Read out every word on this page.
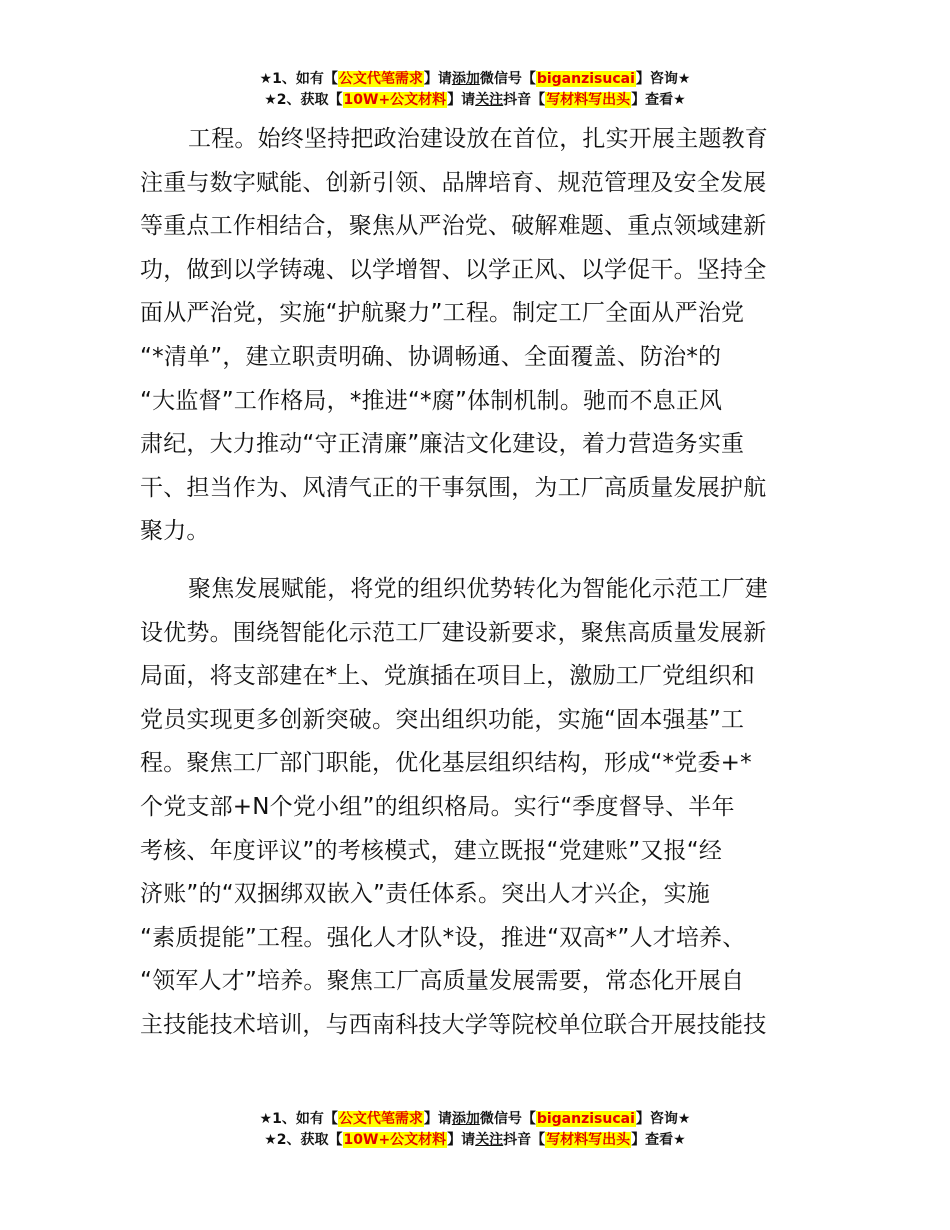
★1、如有【公文代笔需求】请添加微信号【biganzisucai】咨询★
★2、获取【10W+公文材料】请关注抖音【写材料写出头】查看★
工程。始终坚持把政治建设放在首位，扎实开展主题教育
注重与数字赋能、创新引领、品牌培育、规范管理及安全发展
等重点工作相结合，聚焦从严治党、破解难题、重点领域建新
功，做到以学铸魂、以学增智、以学正风、以学促干。坚持全
面从严治党，实施“护航聚力”工程。制定工厂全面从严治党
“*清单”，建立职责明确、协调畅通、全面覆盖、防治*的
“大监督”工作格局，*推进“*腐”体制机制。驰而不息正风
肃纪，大力推动“守正清廉”廉洁文化建设，着力营造务实重
干、担当作为、风清气正的干事氛围，为工厂高质量发展护航
聚力。
聚焦发展赋能，将党的组织优势转化为智能化示范工厂建
设优势。围绕智能化示范工厂建设新要求，聚焦高质量发展新
局面，将支部建在*上、党旗插在项目上，激励工厂党组织和
党员实现更多创新突破。突出组织功能，实施“固本强基”工
程。聚焦工厂部门职能，优化基层组织结构，形成“*党委+*
个党支部+N个党小组”的组织格局。实行“季度督导、半年
考核、年度评议”的考核模式，建立既报“党建账”又报“经
济账”的“双捆绑双嵌入”责任体系。突出人才兴企，实施
“素质提能”工程。强化人才队*设，推进“双高*”人才培养、
“领军人才”培养。聚焦工厂高质量发展需要，常态化开展自
主技能技术培训，与西南科技大学等院校单位联合开展技能技
★1、如有【公文代笔需求】请添加微信号【biganzisucai】咨询★
★2、获取【10W+公文材料】请关注抖音【写材料写出头】查看★
